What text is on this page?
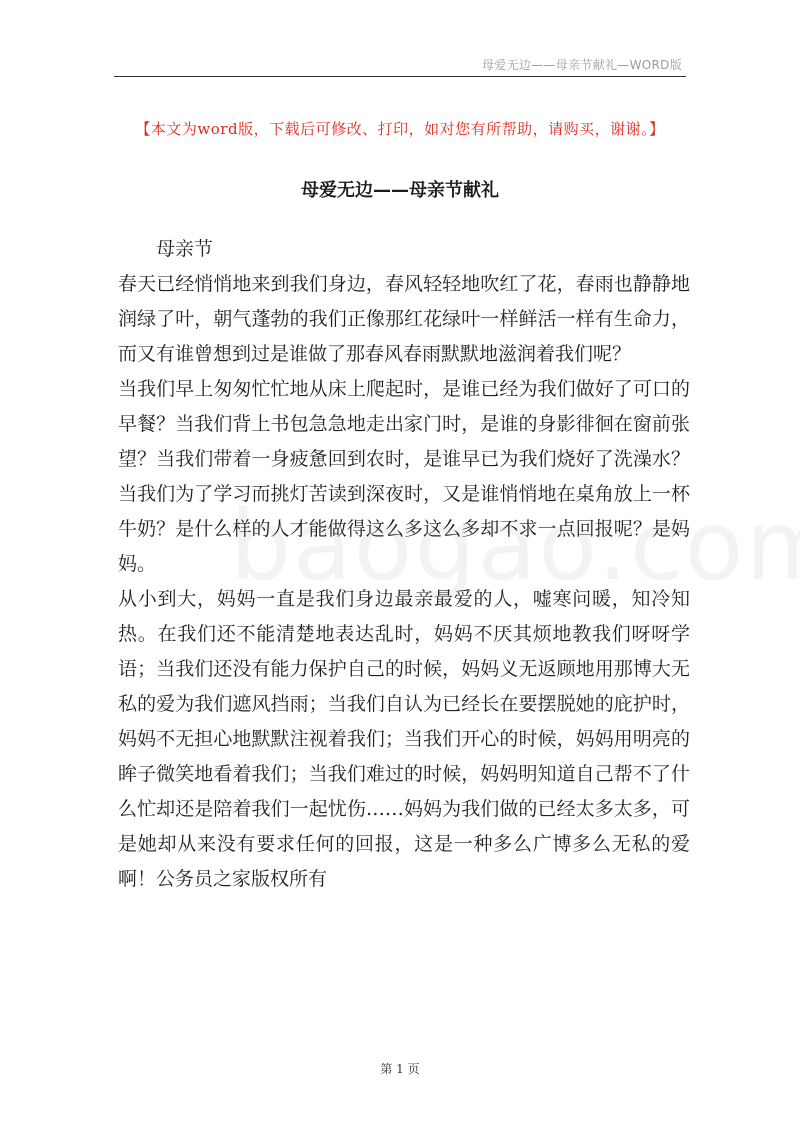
母爱无边——母亲节献礼—WORD版
【本文为word版，下载后可修改、打印，如对您有所帮助，请购买，谢谢。】
母爱无边——母亲节献礼

母亲节

春天已经悄悄地来到我们身边，春风轻轻地吹红了花，春雨也静静地润绿了叶，朝气蓬勃的我们正像那红花绿叶一样鲜活一样有生命力，而又有谁曾想到过是谁做了那春风春雨默默地滋润着我们呢？

当我们早上匆匆忙忙地从床上爬起时，是谁已经为我们做好了可口的早餐？当我们背上书包急急地走出家门时，是谁的身影徘徊在窗前张望？当我们带着一身疲惫回到农时，是谁早已为我们烧好了洗澡水？当我们为了学习而挑灯苦读到深夜时，又是谁悄悄地在桌角放上一杯牛奶？是什么样的人才能做得这么多这么多却不求一点回报呢？是妈妈。

从小到大，妈妈一直是我们身边最亲最爱的人，嘘寒问暖，知冷知热。在我们还不能清楚地表达乱时，妈妈不厌其烦地教我们呀呀学语；当我们还没有能力保护自己的时候，妈妈义无返顾地用那博大无私的爱为我们遮风挡雨；当我们自认为已经长在要摆脱她的庇护时，妈妈不无担心地默默注视着我们；当我们开心的时候，妈妈用明亮的眸子微笑地看着我们；当我们难过的时候，妈妈明知道自己帮不了什么忙却还是陪着我们一起忧伤……妈妈为我们做的已经太多太多，可是她却从来没有要求任何的回报，这是一种多么广博多么无私的爱啊！公务员之家版权所有

第 1 页
